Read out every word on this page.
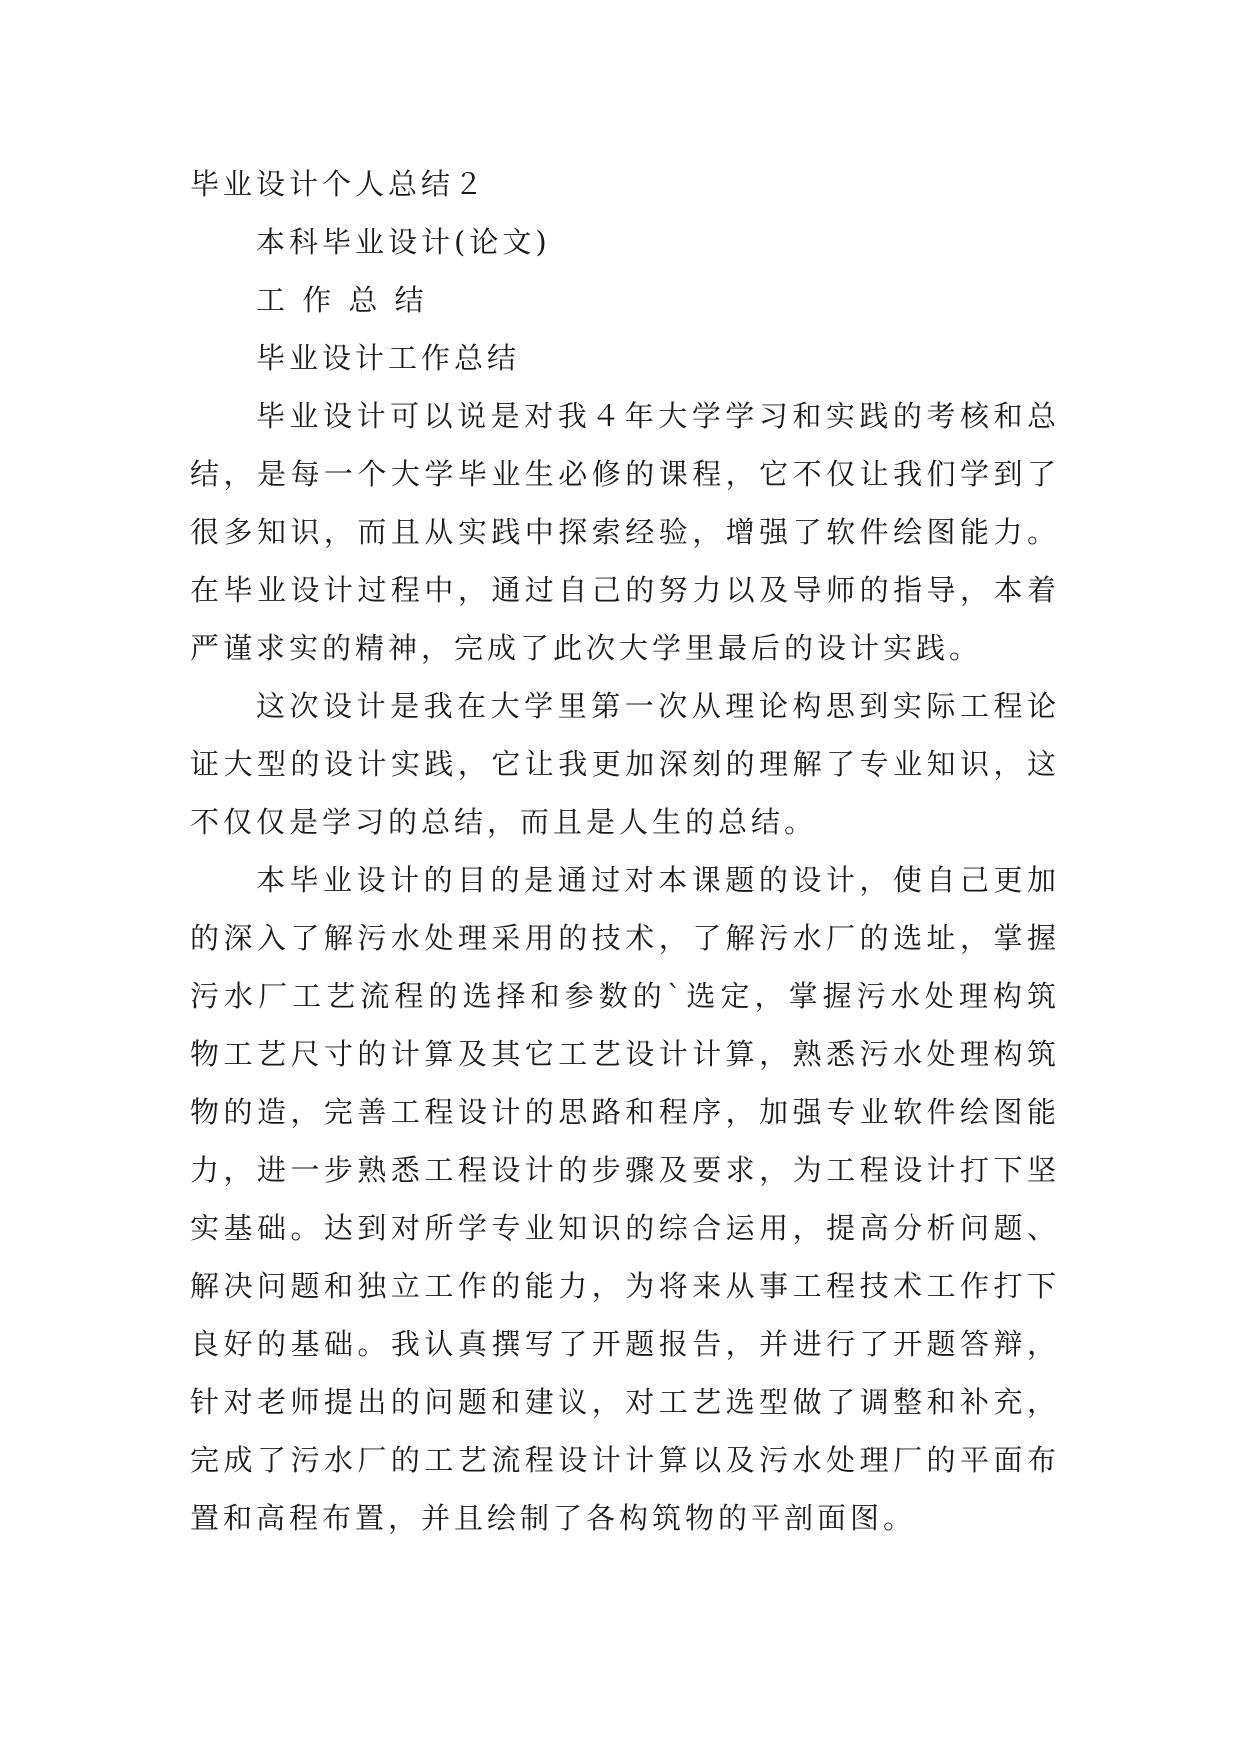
毕业设计个人总结２

本科毕业设计(论文)

工 作 总 结

毕业设计工作总结

毕业设计可以说是对我４年大学学习和实践的考核和总结，是每一个大学毕业生必修的课程，它不仅让我们学到了很多知识，而且从实践中探索经验，增强了软件绘图能力。在毕业设计过程中，通过自己的努力以及导师的指导，本着严谨求实的精神，完成了此次大学里最后的设计实践。

这次设计是我在大学里第一次从理论构思到实际工程论证大型的设计实践，它让我更加深刻的理解了专业知识，这不仅仅是学习的总结，而且是人生的总结。

本毕业设计的目的是通过对本课题的设计，使自己更加的深入了解污水处理采用的技术，了解污水厂的选址，掌握污水厂工艺流程的选择和参数的`选定，掌握污水处理构筑物工艺尺寸的计算及其它工艺设计计算，熟悉污水处理构筑物的造，完善工程设计的思路和程序，加强专业软件绘图能力，进一步熟悉工程设计的步骤及要求，为工程设计打下坚实基础。达到对所学专业知识的综合运用，提高分析问题、解决问题和独立工作的能力，为将来从事工程技术工作打下良好的基础。我认真撰写了开题报告，并进行了开题答辩，针对老师提出的问题和建议，对工艺选型做了调整和补充，完成了污水厂的工艺流程设计计算以及污水处理厂的平面布置和高程布置，并且绘制了各构筑物的平剖面图。
